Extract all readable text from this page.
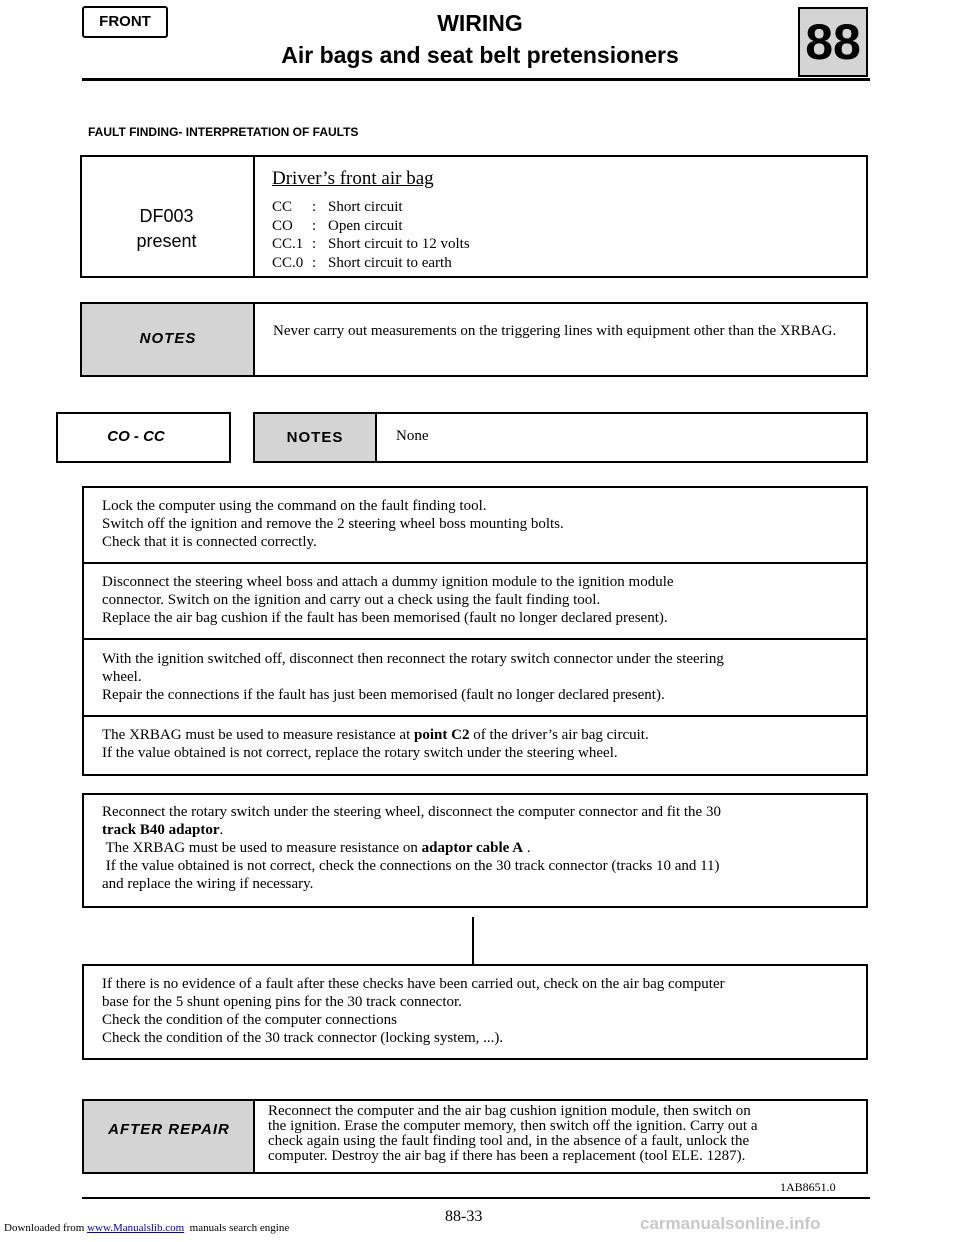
FRONT	WIRING
Air bags and seat belt pretensioners	88
FAULT FINDING- INTERPRETATION OF FAULTS
DF003
present
Driver’s front air bag
CC	: Short circuit
CO	: Open circuit
CC.1 : Short circuit to 12 volts
CC.0 : Short circuit to earth
NOTES	Never carry out measurements on the triggering lines with equipment other than the XRBAG.
CO - CC	NOTES	None
Lock the computer using the command on the fault finding tool.
Switch off the ignition and remove the 2 steering wheel boss mounting bolts.
Check that it is connected correctly.
Disconnect the steering wheel boss and attach a dummy ignition module to the ignition module
connector. Switch on the ignition and carry out a check using the fault finding tool.
Replace the air bag cushion if the fault has been memorised (fault no longer declared present).
With the ignition switched off, disconnect then reconnect the rotary switch connector under the steering
wheel.
Repair the connections if the fault has just been memorised (fault no longer declared present).
The XRBAG must be used to measure resistance at point C2 of the driver’s air bag circuit.
If the value obtained is not correct, replace the rotary switch under the steering wheel.
Reconnect the rotary switch under the steering wheel, disconnect the computer connector and fit the 30
track B40 adaptor.
The XRBAG must be used to measure resistance on adaptor cable A .
If the value obtained is not correct, check the connections on the 30 track connector (tracks 10 and 11)
and replace the wiring if necessary.
If there is no evidence of a fault after these checks have been carried out, check on the air bag computer
base for the 5 shunt opening pins for the 30 track connector.
Check the condition of the computer connections
Check the condition of the 30 track connector (locking system, ...).
AFTER REPAIR
Reconnect the computer and the air bag cushion ignition module, then switch on
the ignition. Erase the computer memory, then switch off the ignition. Carry out a
check again using the fault finding tool and, in the absence of a fault, unlock the
computer. Destroy the air bag if there has been a replacement (tool ELE. 1287).
1AB8651.0
88-33
Downloaded from www.Manualslib.com  manuals search engine	carmanualsonline.info
